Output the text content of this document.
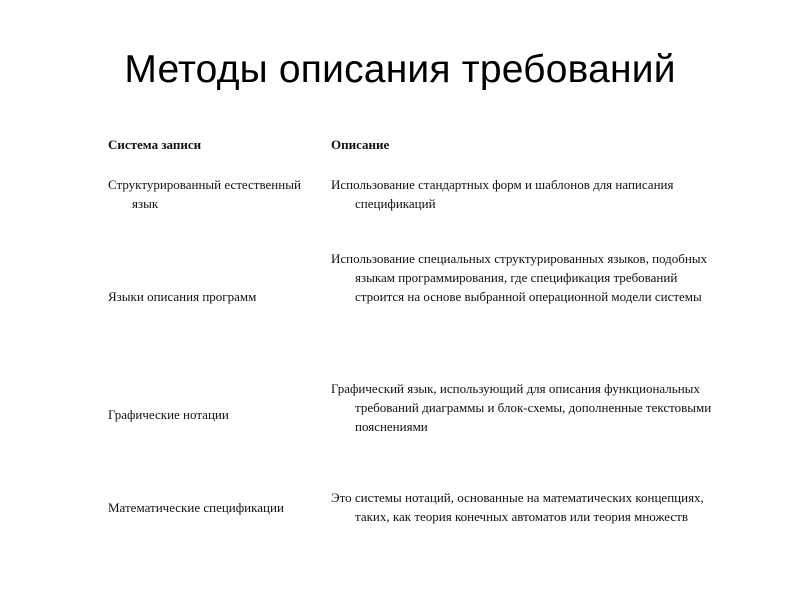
Методы описания требований
Система записи	Описание
Структурированный естественный язык
Использование стандартных форм и шаблонов для написания спецификаций
Языки описания программ
Использование специальных структурированных языков, подобных языкам программирования, где спецификация требований строится на основе выбранной операционной модели системы
Графические нотации
Графический язык, использующий для описания функциональных требований диаграммы и блок-схемы, дополненные текстовыми пояснениями
Математические спецификации
Это системы нотаций, основанные на математических концепциях, таких, как теория конечных автоматов или теория множеств
